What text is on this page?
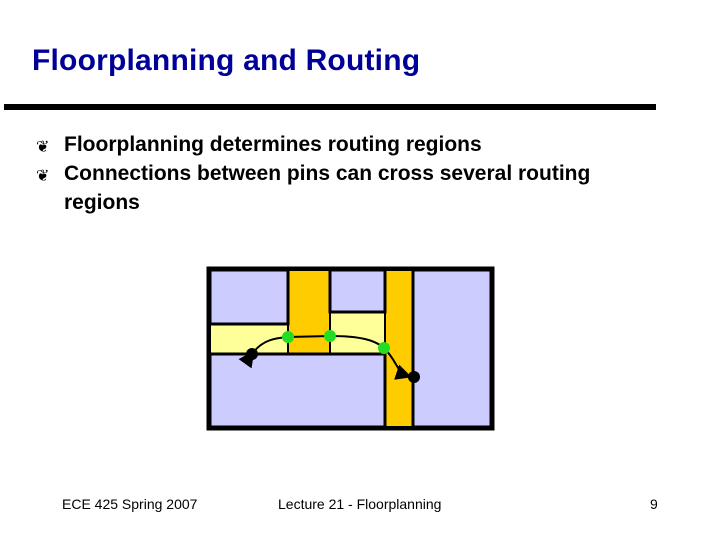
Floorplanning and Routing
❦ Floorplanning determines routing regions
❦ Connections between pins can cross several routing regions
ECE 425 Spring 2007	Lecture 21 - Floorplanning	9
